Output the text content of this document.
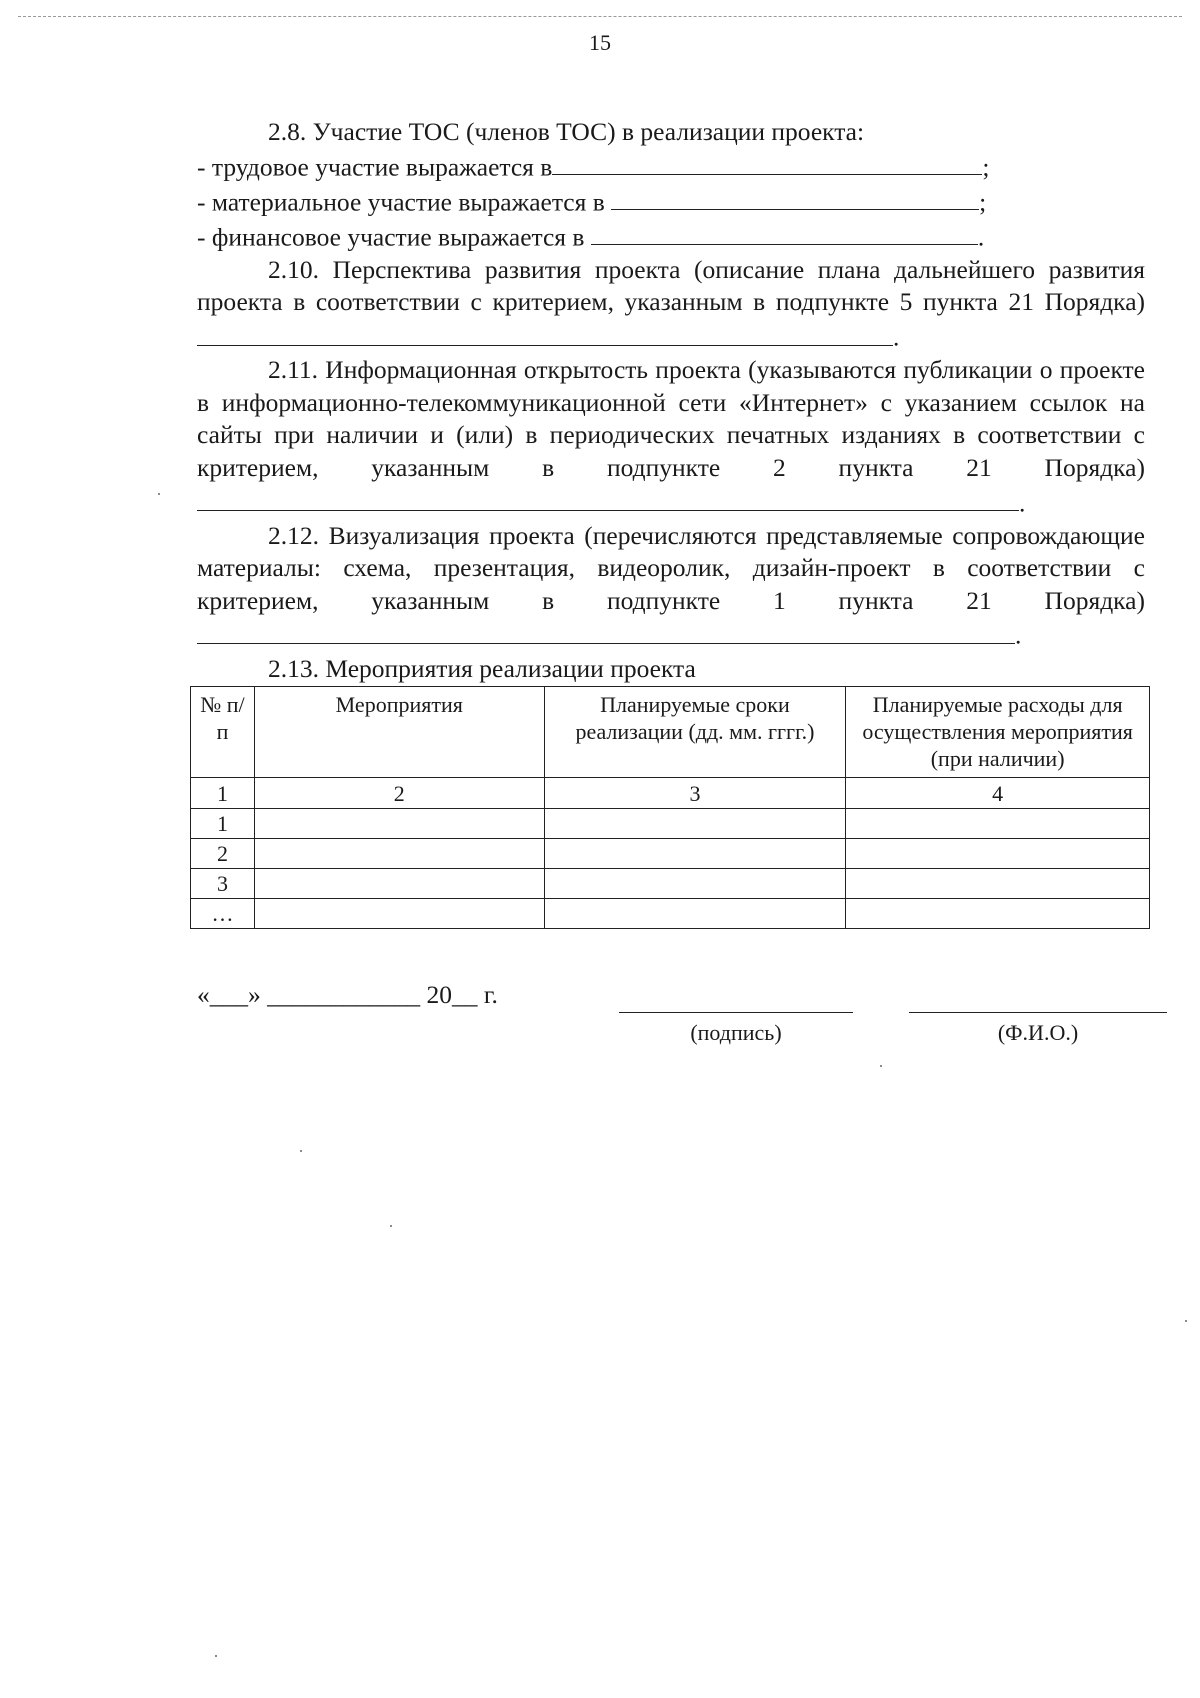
15

2.8. Участие ТОС (членов ТОС) в реализации проекта:

- трудовое участие выражается в	;

- материальное участие выражается в	;

- финансовое участие выражается в	.

2.10. Перспектива развития проекта (описание плана дальнейшего развития проекта в соответствии с критерием, указанным в подпункте 5 пункта 21 Порядка).

2.11. Информационная открытость проекта (указываются публикации о проекте в информационно-телекоммуникационной сети «Интернет» с указанием ссылок на сайты при наличии и (или) в периодических печатных изданиях в соответствии с критерием, указанным в подпункте 2 пункта 21 Порядка) .

2.12. Визуализация проекта (перечисляются представляемые сопровождающие материалы: схема, презентация, видеоролик, дизайн-проект в соответствии с критерием, указанным в подпункте 1 пункта 21 Порядка).

2.13. Мероприятия реализации проекта

№ п/п	Мероприятия	Планируемые сроки реализации (дд. мм. гггг.)	Планируемые расходы для осуществления мероприятия (при наличии)
1	2	3	4
1			
2			
3			
…			
«___» ____________ 20__ г.
(подпись)	(Ф.И.О.)
